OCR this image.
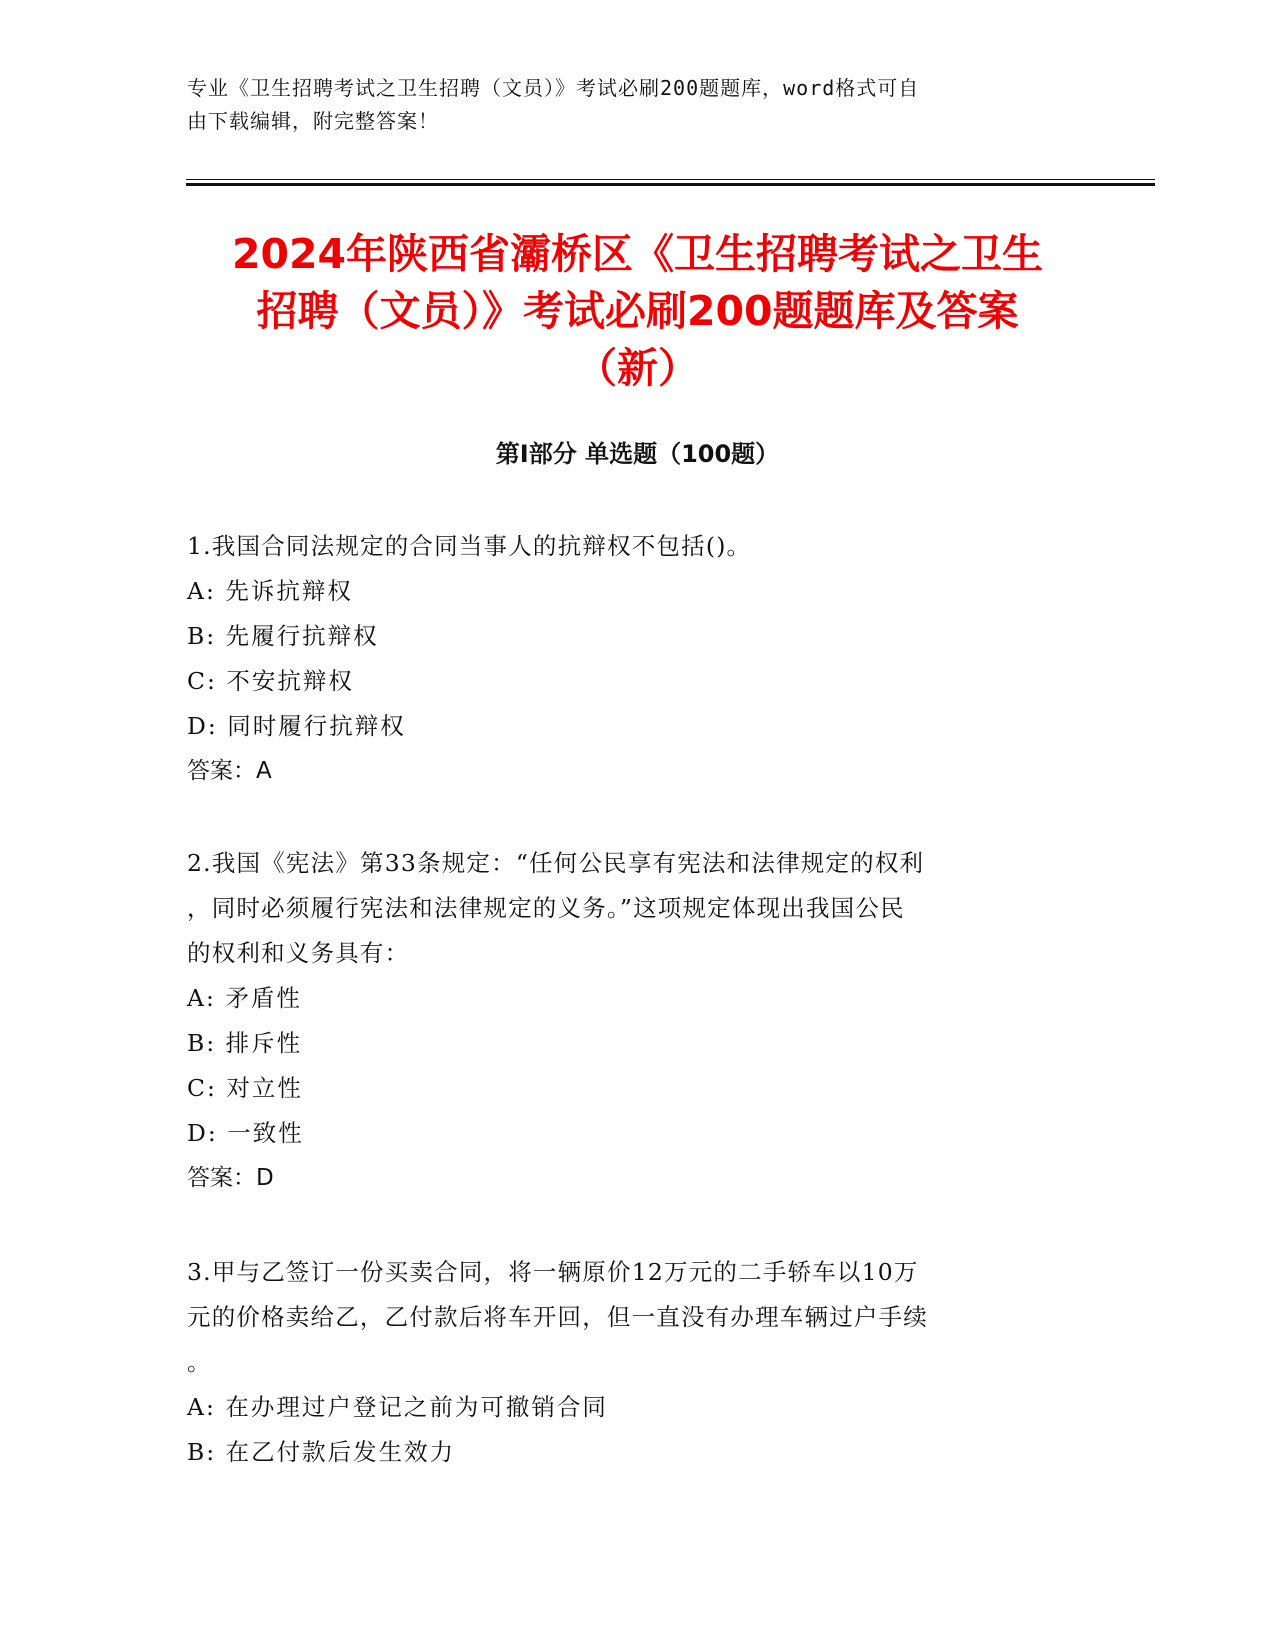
专业《卫生招聘考试之卫生招聘（文员）》考试必刷200题题库，word格式可自
由下载编辑，附完整答案！
2024年陕西省灞桥区《卫生招聘考试之卫生
招聘（文员）》考试必刷200题题库及答案
（新）
第I部分 单选题（100题）

1.我国合同法规定的合同当事人的抗辩权不包括()。

A: 先诉抗辩权

B: 先履行抗辩权

C: 不安抗辩权

D: 同时履行抗辩权

答案：A

2.我国《宪法》第33条规定：“任何公民享有宪法和法律规定的权利

，同时必须履行宪法和法律规定的义务。”这项规定体现出我国公民

的权利和义务具有：

A: 矛盾性

B: 排斥性

C: 对立性

D: 一致性

答案：D

3.甲与乙签订一份买卖合同，将一辆原价12万元的二手轿车以10万

元的价格卖给乙，乙付款后将车开回，但一直没有办理车辆过户手续

。

A: 在办理过户登记之前为可撤销合同

B: 在乙付款后发生效力
